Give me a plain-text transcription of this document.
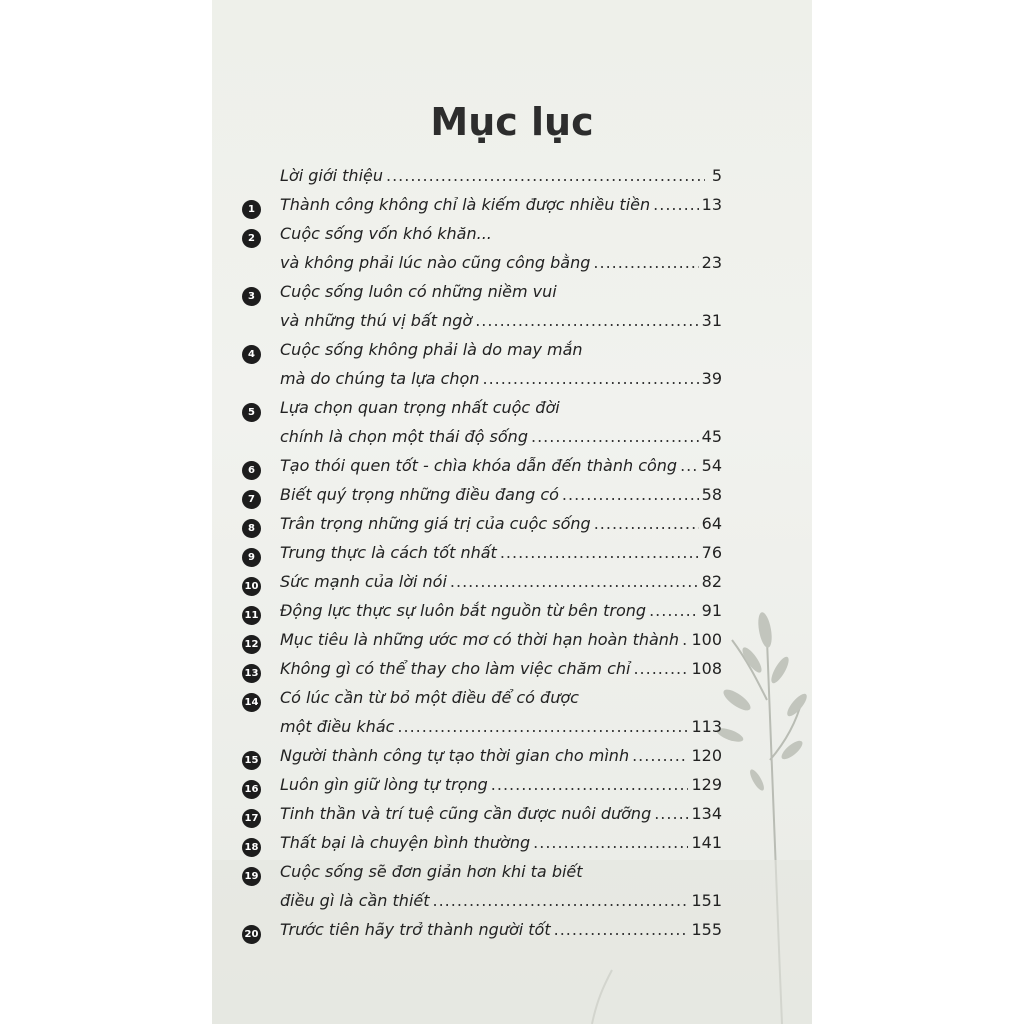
Mục lục
Lời giới thiệu .....	5
1	Thành công không chỉ là kiếm được nhiều tiền .....	13
2	Cuộc sống vốn khó khăn...
và không phải lúc nào cũng công bằng .....	23
3	Cuộc sống luôn có những niềm vui
và những thú vị bất ngờ .....	31
4	Cuộc sống không phải là do may mắn
mà do chúng ta lựa chọn .....	39
5	Lựa chọn quan trọng nhất cuộc đời
chính là chọn một thái độ sống .....	45
6	Tạo thói quen tốt - chìa khóa dẫn đến thành công ..... 54
7	Biết quý trọng những điều đang có .....	58
8	Trân trọng những giá trị của cuộc sống .....	64
9	Trung thực là cách tốt nhất .....	76
10	Sức mạnh của lời nói .....	82
11	Động lực thực sự luôn bắt nguồn từ bên trong .....	91
12	Mục tiêu là những ước mơ có thời hạn hoàn thành ..... 100
13	Không gì có thể thay cho làm việc chăm chỉ .....	108
14	Có lúc cần từ bỏ một điều để có được
một điều khác .....	113
15	Người thành công tự tạo thời gian cho mình .....	120
16	Luôn gìn giữ lòng tự trọng .....	129
17	Tinh thần và trí tuệ cũng cần được nuôi dưỡng .....	134
18	Thất bại là chuyện bình thường .....	141
19	Cuộc sống sẽ đơn giản hơn khi ta biết
điều gì là cần thiết .....	151
20	Trước tiên hãy trở thành người tốt .....	155
